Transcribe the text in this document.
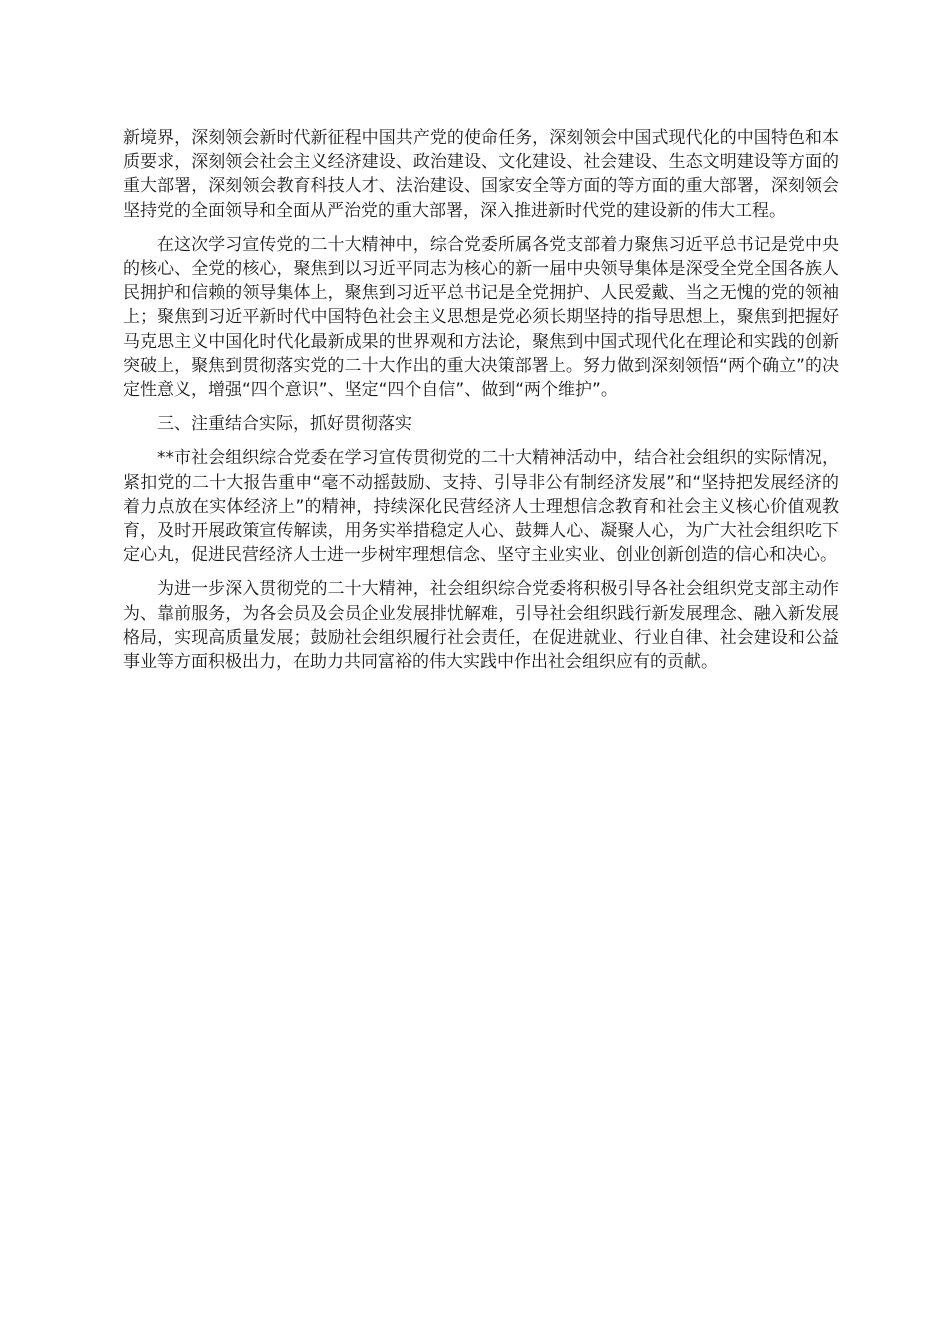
新境界，深刻领会新时代新征程中国共产党的使命任务，深刻领会中国式现代化的中国特色和本质要求，深刻领会社会主义经济建设、政治建设、文化建设、社会建设、生态文明建设等方面的重大部署，深刻领会教育科技人才、法治建设、国家安全等方面的等方面的重大部署，深刻领会坚持党的全面领导和全面从严治党的重大部署，深入推进新时代党的建设新的伟大工程。

在这次学习宣传党的二十大精神中，综合党委所属各党支部着力聚焦习近平总书记是党中央的核心、全党的核心，聚焦到以习近平同志为核心的新一届中央领导集体是深受全党全国各族人民拥护和信赖的领导集体上，聚焦到习近平总书记是全党拥护、人民爱戴、当之无愧的党的领袖上；聚焦到习近平新时代中国特色社会主义思想是党必须长期坚持的指导思想上，聚焦到把握好马克思主义中国化时代化最新成果的世界观和方法论，聚焦到中国式现代化在理论和实践的创新突破上，聚焦到贯彻落实党的二十大作出的重大决策部署上。努力做到深刻领悟“两个确立”的决定性意义，增强“四个意识”、坚定“四个自信”、做到“两个维护”。

三、注重结合实际，抓好贯彻落实

**市社会组织综合党委在学习宣传贯彻党的二十大精神活动中，结合社会组织的实际情况，紧扣党的二十大报告重申“毫不动摇鼓励、支持、引导非公有制经济发展”和“坚持把发展经济的着力点放在实体经济上”的精神，持续深化民营经济人士理想信念教育和社会主义核心价值观教育，及时开展政策宣传解读，用务实举措稳定人心、鼓舞人心、凝聚人心，为广大社会组织吃下定心丸，促进民营经济人士进一步树牢理想信念、坚守主业实业、创业创新创造的信心和决心。

为进一步深入贯彻党的二十大精神，社会组织综合党委将积极引导各社会组织党支部主动作为、靠前服务，为各会员及会员企业发展排忧解难，引导社会组织践行新发展理念、融入新发展格局，实现高质量发展；鼓励社会组织履行社会责任，在促进就业、行业自律、社会建设和公益事业等方面积极出力，在助力共同富裕的伟大实践中作出社会组织应有的贡献。
